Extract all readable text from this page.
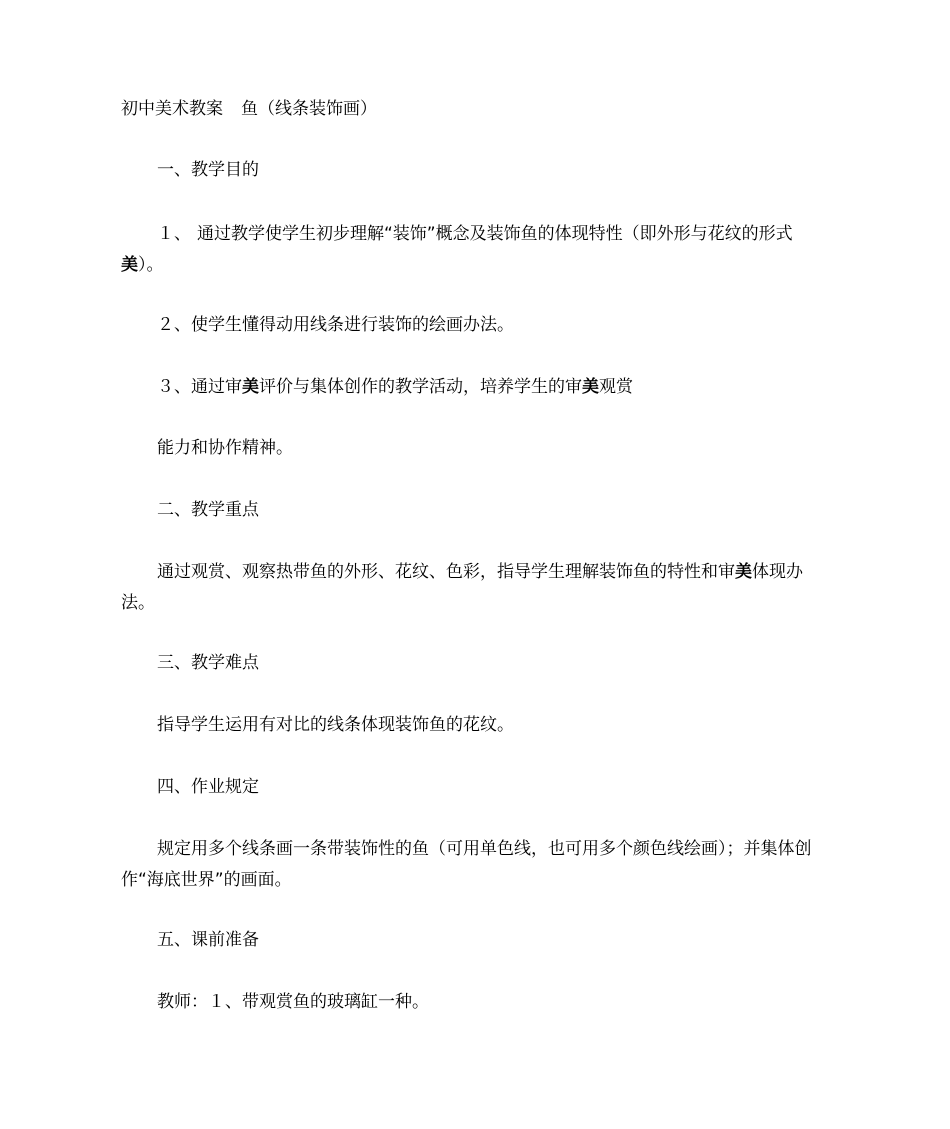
初中美术教案 鱼（线条装饰画）
一、教学目的
１、 通过教学使学生初步理解“装饰”概念及装饰鱼的体现特性（即外形与花纹的形式美）。
２、使学生懂得动用线条进行装饰的绘画办法。
３、通过审美评价与集体创作的教学活动，培养学生的审美观赏
能力和协作精神。
二、教学重点
通过观赏、观察热带鱼的外形、花纹、色彩，指导学生理解装饰鱼的特性和审美体现办法。
三、教学难点
指导学生运用有对比的线条体现装饰鱼的花纹。
四、作业规定
规定用多个线条画一条带装饰性的鱼（可用单色线，也可用多个颜色线绘画）；并集体创作“海底世界”的画面。
五、课前准备
教师：１、带观赏鱼的玻璃缸一种。
